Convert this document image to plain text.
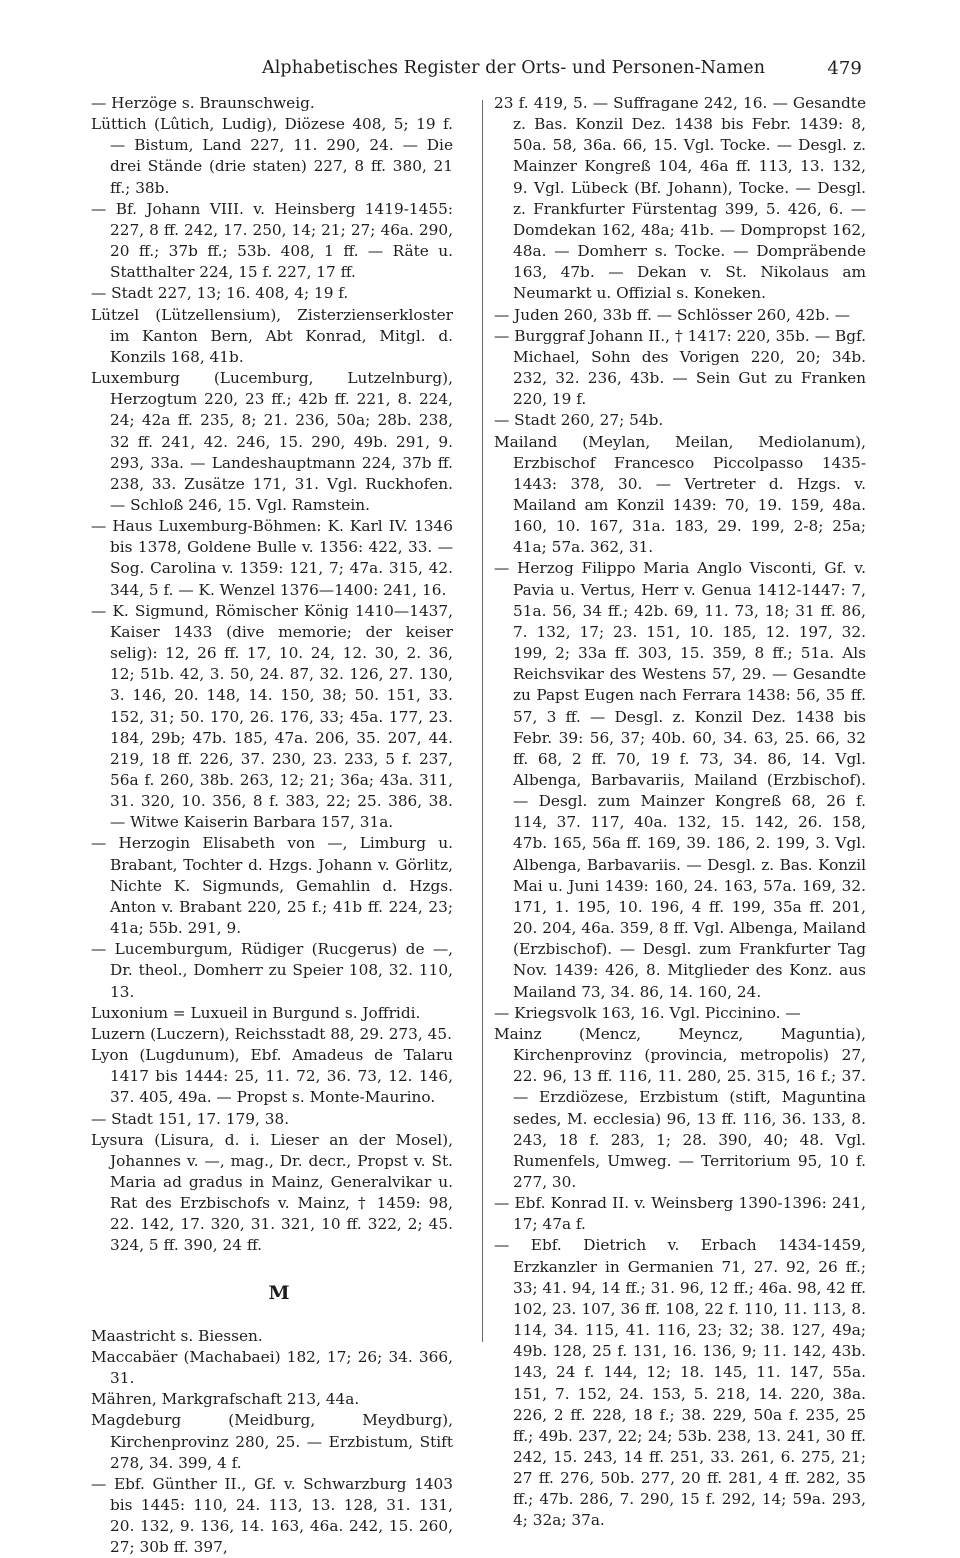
Alphabetisches Register der Orts- und Personen-Namen	479

— Herzöge s. Braunschweig.

Lüttich (Lûtich, Ludig), Diözese 408, 5; 19 f. — Bistum, Land 227, 11. 290, 24. — Die drei Stände (drie staten) 227, 8 ff. 380, 21 ff.; 38b.

— Bf. Johann VIII. v. Heinsberg 1419-1455: 227, 8 ff. 242, 17. 250, 14; 21; 27; 46a. 290, 20 ff.; 37b ff.; 53b. 408, 1 ff. — Räte u. Statthalter 224, 15 f. 227, 17 ff.

— Stadt 227, 13; 16. 408, 4; 19 f.

Lützel (Lützellensium), Zisterzienserkloster im Kanton Bern, Abt Konrad, Mitgl. d. Konzils 168, 41b.

Luxemburg (Lucemburg, Lutzelnburg), Herzogtum 220, 23 ff.; 42b ff. 221, 8. 224, 24; 42a ff. 235, 8; 21. 236, 50a; 28b. 238, 32 ff. 241, 42. 246, 15. 290, 49b. 291, 9. 293, 33a. — Landeshauptmann 224, 37b ff. 238, 33. Zusätze 171, 31. Vgl. Ruckhofen. — Schloß 246, 15. Vgl. Ramstein.

— Haus Luxemburg-Böhmen: K. Karl IV. 1346 bis 1378, Goldene Bulle v. 1356: 422, 33. — Sog. Carolina v. 1359: 121, 7; 47a. 315, 42. 344, 5 f. — K. Wenzel 1376—1400: 241, 16.

— K. Sigmund, Römischer König 1410—1437, Kaiser 1433 (dive memorie; der keiser selig): 12, 26 ff. 17, 10. 24, 12. 30, 2. 36, 12; 51b. 42, 3. 50, 24. 87, 32. 126, 27. 130, 3. 146, 20. 148, 14. 150, 38; 50. 151, 33. 152, 31; 50. 170, 26. 176, 33; 45a. 177, 23. 184, 29b; 47b. 185, 47a. 206, 35. 207, 44. 219, 18 ff. 226, 37. 230, 23. 233, 5 f. 237, 56a f. 260, 38b. 263, 12; 21; 36a; 43a. 311, 31. 320, 10. 356, 8 f. 383, 22; 25. 386, 38. — Witwe Kaiserin Barbara 157, 31a.

— Herzogin Elisabeth von —, Limburg u. Brabant, Tochter d. Hzgs. Johann v. Görlitz, Nichte K. Sigmunds, Gemahlin d. Hzgs. Anton v. Brabant 220, 25 f.; 41b ff. 224, 23; 41a; 55b. 291, 9.

— Lucemburgum, Rüdiger (Rucgerus) de —, Dr. theol., Domherr zu Speier 108, 32. 110, 13.

Luxonium = Luxueil in Burgund s. Joffridi.

Luzern (Luczern), Reichsstadt 88, 29. 273, 45.

Lyon (Lugdunum), Ebf. Amadeus de Talaru 1417 bis 1444: 25, 11. 72, 36. 73, 12. 146, 37. 405, 49a. — Propst s. Monte-Maurino.

— Stadt 151, 17. 179, 38.

Lysura (Lisura, d. i. Lieser an der Mosel), Johannes v. —, mag., Dr. decr., Propst v. St. Maria ad gradus in Mainz, Generalvikar u. Rat des Erzbischofs v. Mainz, † 1459: 98, 22. 142, 17. 320, 31. 321, 10 ff. 322, 2; 45. 324, 5 ff. 390, 24 ff.

M

Maastricht s. Biessen.

Maccabäer (Machabaei) 182, 17; 26; 34. 366, 31.

Mähren, Markgrafschaft 213, 44a.

Magdeburg (Meidburg, Meydburg), Kirchenprovinz 280, 25. — Erzbistum, Stift 278, 34. 399, 4 f.

— Ebf. Günther II., Gf. v. Schwarzburg 1403 bis 1445: 110, 24. 113, 13. 128, 31. 131, 20. 132, 9. 136, 14. 163, 46a. 242, 15. 260, 27; 30b ff. 397,

23 f. 419, 5. — Suffragane 242, 16. — Gesandte z. Bas. Konzil Dez. 1438 bis Febr. 1439: 8, 50a. 58, 36a. 66, 15. Vgl. Tocke. — Desgl. z. Mainzer Kongreß 104, 46a ff. 113, 13. 132, 9. Vgl. Lübeck (Bf. Johann), Tocke. — Desgl. z. Frankfurter Fürstentag 399, 5. 426, 6. — Domdekan 162, 48a; 41b. — Dompropst 162, 48a. — Domherr s. Tocke. — Dompräbende 163, 47b. — Dekan v. St. Nikolaus am Neumarkt u. Offizial s. Koneken.

— Juden 260, 33b ff. — Schlösser 260, 42b. —

— Burggraf Johann II., † 1417: 220, 35b. — Bgf. Michael, Sohn des Vorigen 220, 20; 34b. 232, 32. 236, 43b. — Sein Gut zu Franken 220, 19 f.

— Stadt 260, 27; 54b.

Mailand (Meylan, Meilan, Mediolanum), Erzbischof Francesco Piccolpasso 1435-1443: 378, 30. — Vertreter d. Hzgs. v. Mailand am Konzil 1439: 70, 19. 159, 48a. 160, 10. 167, 31a. 183, 29. 199, 2-8; 25a; 41a; 57a. 362, 31.

— Herzog Filippo Maria Anglo Visconti, Gf. v. Pavia u. Vertus, Herr v. Genua 1412-1447: 7, 51a. 56, 34 ff.; 42b. 69, 11. 73, 18; 31 ff. 86, 7. 132, 17; 23. 151, 10. 185, 12. 197, 32. 199, 2; 33a ff. 303, 15. 359, 8 ff.; 51a. Als Reichsvikar des Westens 57, 29. — Gesandte zu Papst Eugen nach Ferrara 1438: 56, 35 ff. 57, 3 ff. — Desgl. z. Konzil Dez. 1438 bis Febr. 39: 56, 37; 40b. 60, 34. 63, 25. 66, 32 ff. 68, 2 ff. 70, 19 f. 73, 34. 86, 14. Vgl. Albenga, Barbavariis, Mailand (Erzbischof). — Desgl. zum Mainzer Kongreß 68, 26 f. 114, 37. 117, 40a. 132, 15. 142, 26. 158, 47b. 165, 56a ff. 169, 39. 186, 2. 199, 3. Vgl. Albenga, Barbavariis. — Desgl. z. Bas. Konzil Mai u. Juni 1439: 160, 24. 163, 57a. 169, 32. 171, 1. 195, 10. 196, 4 ff. 199, 35a ff. 201, 20. 204, 46a. 359, 8 ff. Vgl. Albenga, Mailand (Erzbischof). — Desgl. zum Frankfurter Tag Nov. 1439: 426, 8. Mitglieder des Konz. aus Mailand 73, 34. 86, 14. 160, 24.

— Kriegsvolk 163, 16. Vgl. Piccinino. —

Mainz (Mencz, Meyncz, Maguntia), Kirchenprovinz (provincia, metropolis) 27, 22. 96, 13 ff. 116, 11. 280, 25. 315, 16 f.; 37. — Erzdiözese, Erzbistum (stift, Maguntina sedes, M. ecclesia) 96, 13 ff. 116, 36. 133, 8. 243, 18 f. 283, 1; 28. 390, 40; 48. Vgl. Rumenfels, Umweg. — Territorium 95, 10 f. 277, 30.

— Ebf. Konrad II. v. Weinsberg 1390-1396: 241, 17; 47a f.

— Ebf. Dietrich v. Erbach 1434-1459, Erzkanzler in Germanien 71, 27. 92, 26 ff.; 33; 41. 94, 14 ff.; 31. 96, 12 ff.; 46a. 98, 42 ff. 102, 23. 107, 36 ff. 108, 22 f. 110, 11. 113, 8. 114, 34. 115, 41. 116, 23; 32; 38. 127, 49a; 49b. 128, 25 f. 131, 16. 136, 9; 11. 142, 43b. 143, 24 f. 144, 12; 18. 145, 11. 147, 55a. 151, 7. 152, 24. 153, 5. 218, 14. 220, 38a. 226, 2 ff. 228, 18 f.; 38. 229, 50a f. 235, 25 ff.; 49b. 237, 22; 24; 53b. 238, 13. 241, 30 ff. 242, 15. 243, 14 ff. 251, 33. 261, 6. 275, 21; 27 ff. 276, 50b. 277, 20 ff. 281, 4 ff. 282, 35 ff.; 47b. 286, 7. 290, 15 f. 292, 14; 59a. 293, 4; 32a; 37a.
